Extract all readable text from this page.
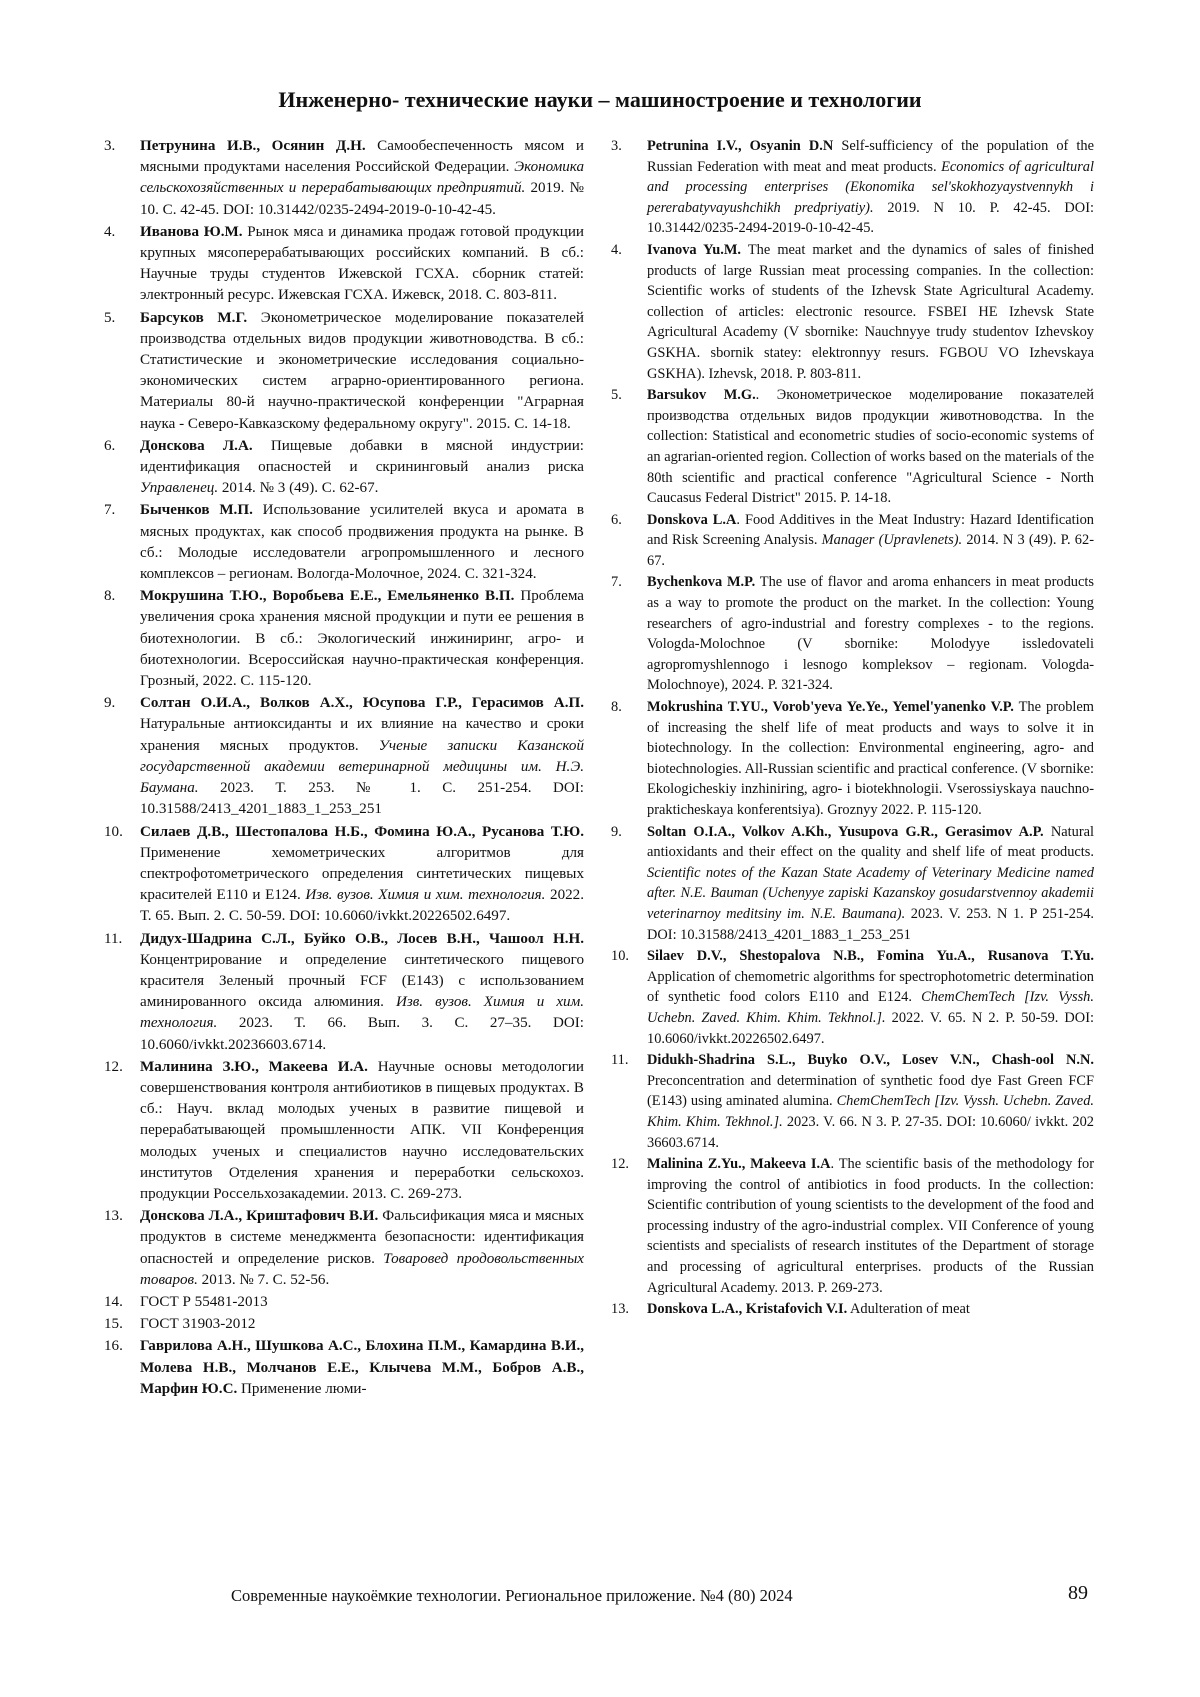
Инженерно- технические науки – машиностроение и технологии
3. Петрунина И.В., Осянин Д.Н. Самообеспеченность мясом и мясными продуктами населения Российской Федерации. Экономика сельскохозяйственных и перерабатывающих предприятий. 2019. № 10. С. 42-45. DOI: 10.31442/0235-2494-2019-0-10-42-45.
4. Иванова Ю.М. Рынок мяса и динамика продаж готовой продукции крупных мясоперерабатывающих российских компаний. В сб.: Научные труды студентов Ижевской ГСХА. сборник статей: электронный ресурс. Ижевская ГСХА. Ижевск, 2018. С. 803-811.
5. Барсуков М.Г. Эконометрическое моделирование показателей производства отдельных видов продукции животноводства. В сб.: Статистические и эконометрические исследования социально-экономических систем аграрно-ориентированного региона. Материалы 80-й научно-практической конференции "Аграрная наука - Северо-Кавказскому федеральному округу". 2015. С. 14-18.
6. Донскова Л.А. Пищевые добавки в мясной индустрии: идентификация опасностей и скрининговый анализ риска Управленец. 2014. № 3 (49). С. 62-67.
7. Быченков М.П. Использование усилителей вкуса и аромата в мясных продуктах, как способ продвижения продукта на рынке. В сб.: Молодые исследователи агропромышленного и лесного комплексов – регионам. Вологда-Молочное, 2024. С. 321-324.
8. Мокрушина Т.Ю., Воробьева Е.Е., Емельяненко В.П. Проблема увеличения срока хранения мясной продукции и пути ее решения в биотехнологии. В сб.: Экологический инжиниринг, агро- и биотехнологии. Всероссийская научно-практическая конференция. Грозный, 2022. С. 115-120.
9. Солтан О.И.А., Волков А.Х., Юсупова Г.Р., Герасимов А.П. Натуральные антиоксиданты и их влияние на качество и сроки хранения мясных продуктов. Ученые записки Казанской государственной академии ветеринарной медицины им. Н.Э. Баумана. 2023. Т. 253. № 1. С. 251-254. DOI: 10.31588/2413_4201_1883_1_253_251
10. Силаев Д.В., Шестопалова Н.Б., Фомина Ю.А., Русанова Т.Ю. Применение хемометрических алгоритмов для спектрофотометрического определения синтетических пищевых красителей Е110 и Е124. Изв. вузов. Химия и хим. технология. 2022. Т. 65. Вып. 2. С. 50-59. DOI: 10.6060/ivkkt.20226502.6497.
11. Дидух-Шадрина С.Л., Буйко О.В., Лосев В.Н., Чашоол Н.Н. Концентрирование и определение синтетического пищевого красителя Зеленый прочный FCF (E143) с использованием аминированного оксида алюминия. Изв. вузов. Химия и хим. технология. 2023. Т. 66. Вып. 3. С. 27–35. DOI: 10.6060/ivkkt.20236603.6714.
12. Малинина З.Ю., Макеева И.А. Научные основы методологии совершенствования контроля антибиотиков в пищевых продуктах. В сб.: Науч. вклад молодых ученых в развитие пищевой и перерабатывающей промышленности АПК. VII Конференция молодых ученых и специалистов научно исследовательских институтов Отделения хранения и переработки сельскохоз. продукции Россельхозакадемии. 2013. С. 269-273.
13. Донскова Л.А., Криштафович В.И. Фальсификация мяса и мясных продуктов в системе менеджмента безопасности: идентификация опасностей и определение рисков. Товаровед продовольственных товаров. 2013. № 7. С. 52-56.
14. ГОСТ Р 55481-2013
15. ГОСТ 31903-2012
16. Гаврилова А.Н., Шушкова А.С., Блохина П.М., Камардина В.И., Молева Н.В., Молчанов Е.Е., Клычева М.М., Бобров А.В., Марфин Ю.С. Применение люми-
3. Petrunina I.V., Osyanin D.N Self-sufficiency of the population of the Russian Federation with meat and meat products. Economics of agricultural and processing enterprises (Ekonomika sel'skokhozyaystvennykh i pererabatyvayushchikh predpriyatiy). 2019. N 10. P. 42-45. DOI: 10.31442/0235-2494-2019-0-10-42-45.
4. Ivanova Yu.M. The meat market and the dynamics of sales of finished products of large Russian meat processing companies. In the collection: Scientific works of students of the Izhevsk State Agricultural Academy. collection of articles: electronic resource. FSBEI HE Izhevsk State Agricultural Academy (V sbornike: Nauchnyye trudy studentov Izhevskoy GSKHA. sbornik statey: elektronnyy resurs. FGBOU VO Izhevskaya GSKHA). Izhevsk, 2018. P. 803-811.
5. Barsukov M.G.. Эконометрическое моделирование показателей производства отдельных видов продукции животноводства. In the collection: Statistical and econometric studies of socio-economic systems of an agrarian-oriented region. Collection of works based on the materials of the 80th scientific and practical conference "Agricultural Science - North Caucasus Federal District" 2015. P. 14-18.
6. Donskova L.A. Food Additives in the Meat Industry: Hazard Identification and Risk Screening Analysis. Manager (Upravlenets). 2014. N 3 (49). P. 62-67.
7. Bychenkova M.P. The use of flavor and aroma enhancers in meat products as a way to promote the product on the market. In the collection: Young researchers of agro-industrial and forestry complexes - to the regions. Vologda-Molochnoe (V sbornike: Molodyye issledovateli agropromyshlennogo i lesnogo kompleksov – regionam. Vologda-Molochnoye), 2024. P. 321-324.
8. Mokrushina T.YU., Vorob'yeva Ye.Ye., Yemel'yanenko V.P. The problem of increasing the shelf life of meat products and ways to solve it in biotechnology. In the collection: Environmental engineering, agro- and biotechnologies. All-Russian scientific and practical conference. (V sbornike: Ekologicheskiy inzhiniring, agro- i biotekhnologii. Vserossiyskaya nauchno-prakticheskaya konferentsiya). Groznyy 2022. P. 115-120.
9. Soltan O.I.A., Volkov A.Kh., Yusupova G.R., Gerasimov A.P. Natural antioxidants and their effect on the quality and shelf life of meat products. Scientific notes of the Kazan State Academy of Veterinary Medicine named after. N.E. Bauman (Uchenyye zapiski Kazanskoy gosudarstvennoy akademii veterinarnoy meditsiny im. N.E. Baumana). 2023. V. 253. N 1. P 251-254. DOI: 10.31588/2413_4201_1883_1_253_251
10. Silaev D.V., Shestopalova N.B., Fomina Yu.A., Rusanova T.Yu. Application of chemometric algorithms for spectrophotometric determination of synthetic food colors E110 and E124. ChemChemTech [Izv. Vyssh. Uchebn. Zaved. Khim. Khim. Tekhnol.]. 2022. V. 65. N 2. P. 50-59. DOI: 10.6060/ivkkt.20226502.6497.
11. Didukh-Shadrina S.L., Buyko O.V., Losev V.N., Chash-ool N.N. Preconcentration and determination of synthetic food dye Fast Green FCF (E143) using aminated alumina. ChemChemTech [Izv. Vyssh. Uchebn. Zaved. Khim. Khim. Tekhnol.]. 2023. V. 66. N 3. P. 27-35. DOI: 10.6060/ ivkkt. 202 36603.6714.
12. Malinina Z.Yu., Makeeva I.A. The scientific basis of the methodology for improving the control of antibiotics in food products. In the collection: Scientific contribution of young scientists to the development of the food and processing industry of the agro-industrial complex. VII Conference of young scientists and specialists of research institutes of the Department of storage and processing of agricultural enterprises. products of the Russian Agricultural Academy. 2013. P. 269-273.
13. Donskova L.A., Kristafovich V.I. Adulteration of meat
Современные наукоёмкие технологии. Региональное приложение. №4 (80) 2024	89
